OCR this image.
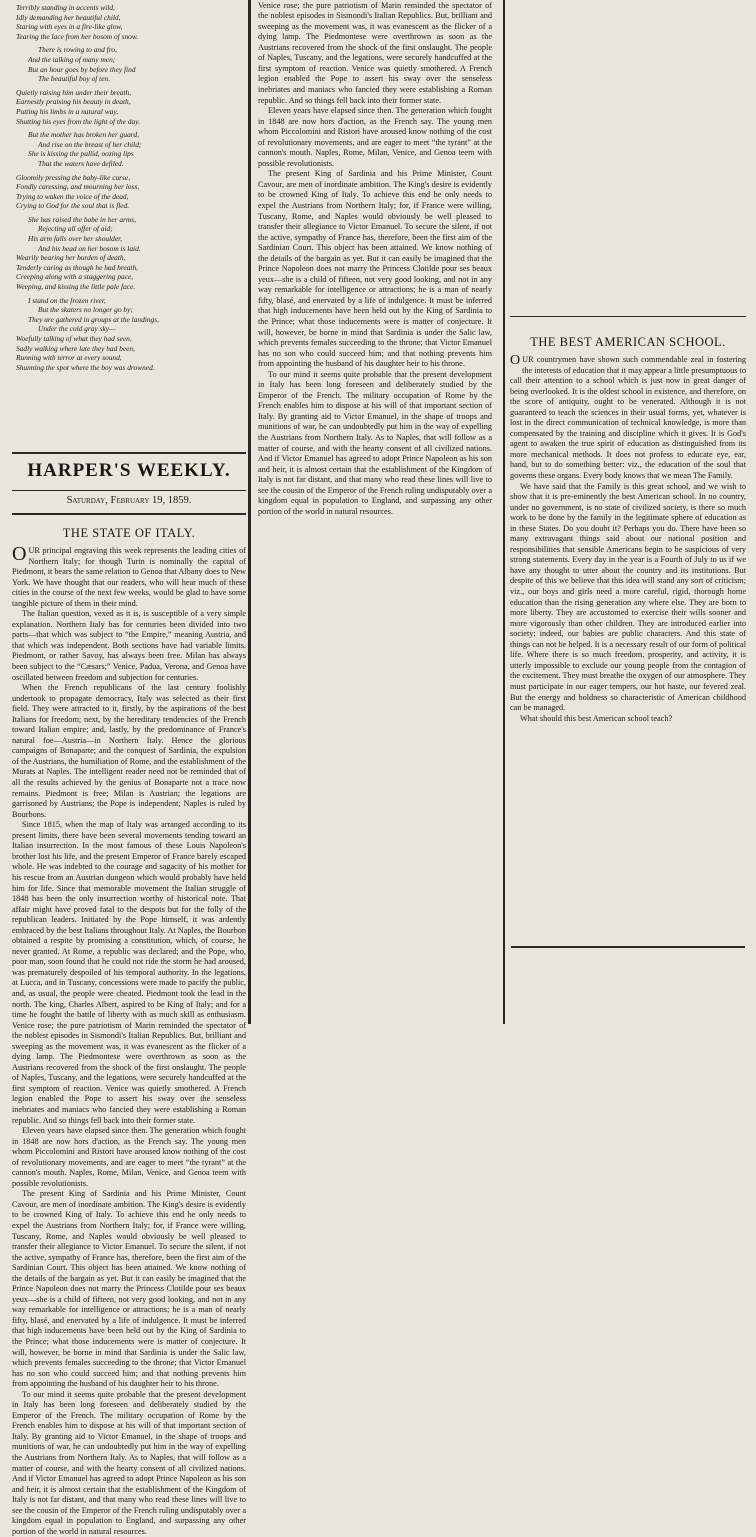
Terribly standing in accents wild,
Idly demanding her beautiful child,
Staring with eyes in a fire-like glow,
Tearing the lace from her bosom of snow.
There is rowing to and fro,
And the talking of many men;
But an hour goes by before they find
The beautiful boy of ten.
Quietly raising him under their breath,
Earnestly praising his beauty in death,
Putting his limbs in a natural way,
Shutting his eyes from the light of the day.
But the mother has broken her guard,
And rise on the breast of her child;
She is kissing the pallid, oozing lips
That the waters have defiled.
Gloomily pressing the baby-like curse,
Fondly caressing, and mourning her loss,
Trying to waken the voice of the dead,
Crying to God for the soul that is fled.
She has raised the babe in her arms,
Rejecting all offer of aid;
His arm falls over her shoulder,
And his head on her bosom is laid.
Wearily bearing her burden of death,
Tenderly caring as though he had breath,
Creeping along with a staggering pace,
Weeping, and kissing the little pale face.
I stand on the frozen river,
But the skaters no longer go by;
They are gathered in groups at the landings,
Under the cold gray sky—
Woefully talking of what they had seen,
Sadly walking where late they had been,
Running with terror at every sound,
Shunning the spot where the boy was drowned.
HARPER'S WEEKLY.
Saturday, February 19, 1859.
THE STATE OF ITALY.

OUR principal engraving this week represents the leading cities of Northern Italy; for though Turin is nominally the capital of Piedmont, it bears the same relation to Genoa that Albany does to New York. We have thought that our readers, who will hear much of these cities in the course of the next few weeks, would be glad to have some tangible picture of them in their mind.

The Italian question, vexed as it is, is susceptible of a very simple explanation. Northern Italy has for centuries been divided into two parts—that which was subject to “the Empire,” meaning Austria, and that which was independent. Both sections have had variable limits. Piedmont, or rather Savoy, has always been free. Milan has always been subject to the “Cæsars;” Venice, Padua, Verona, and Genoa have oscillated between freedom and subjection for centuries.

When the French republicans of the last century foolishly undertook to propagate democracy, Italy was selected as their first field. They were attracted to it, firstly, by the aspirations of the best Italians for freedom; next, by the hereditary tendencies of the French toward Italian empire; and, lastly, by the predominance of France's natural foe—Austria—in Northern Italy. Hence the glorious campaigns of Bonaparte; and the conquest of Sardinia, the expulsion of the Austrians, the humiliation of Rome, and the establishment of the Murats at Naples. The intelligent reader need not be reminded that of all the results achieved by the genius of Bonaparte not a trace now remains. Piedmont is free; Milan is Austrian; the legations are garrisoned by Austrians; the Pope is independent; Naples is ruled by Bourbons.

Since 1815, when the map of Italy was arranged according to its present limits, there have been several movements tending toward an Italian insurrection. In the most famous of these Louis Napoleon's brother lost his life, and the present Emperor of France barely escaped whole. He was indebted to the courage and sagacity of his mother for his rescue from an Austrian dungeon which would probably have held him for life. Since that memorable movement the Italian struggle of 1848 has been the only insurrection worthy of historical note. That affair might have proved fatal to the despots but for the folly of the republican leaders. Initiated by the Pope himself, it was ardently embraced by the best Italians throughout Italy. At Naples, the Bourbon obtained a respite by promising a constitution, which, of course, he never granted. At Rome, a republic was declared; and the Pope, who, poor man, soon found that he could not ride the storm he had aroused, was prematurely despoiled of his temporal authority. In the legations, at Lucca, and in Tuscany, concessions were made to pacify the public, and, as usual, the people were cheated. Piedmont took the lead in the north. The king, Charles Albert, aspired to be King of Italy; and for a time he fought the battle of liberty with as much skill as enthusiasm. Venice rose; the pure patriotism of Marin reminded the spectator of the noblest episodes in Sismondi's Italian Republics. But, brilliant and sweeping as the movement was, it was evanescent as the flicker of a dying lamp. The Piedmontese were overthrown as soon as the Austrians recovered from the shock of the first onslaught. The people of Naples, Tuscany, and the legations, were securely handcuffed at the first symptom of reaction. Venice was quietly smothered. A French legion enabled the Pope to assert his sway over the senseless inebriates and maniacs who fancied they were establishing a Roman republic. And so things fell back into their former state.

Eleven years have elapsed since then. The generation which fought in 1848 are now hors d'action, as the French say. The young men whom Piccolomini and Ristori have aroused know nothing of the cost of revolutionary movements, and are eager to meet “the tyrant” at the cannon's mouth. Naples, Rome, Milan, Venice, and Genoa teem with possible revolutionists.

The present King of Sardinia and his Prime Minister, Count Cavour, are men of inordinate ambition. The King's desire is evidently to be crowned King of Italy. To achieve this end he only needs to expel the Austrians from Northern Italy; for, if France were willing, Tuscany, Rome, and Naples would obviously be well pleased to transfer their allegiance to Victor Emanuel. To secure the silent, if not the active, sympathy of France has, therefore, been the first aim of the Sardinian Court. This object has been attained. We know nothing of the details of the bargain as yet. But it can easily be imagined that the Prince Napoleon does not marry the Princess Clotilde pour ses beaux yeux—she is a child of fifteen, not very good looking, and not in any way remarkable for intelligence or attractions; he is a man of nearly fifty, blasé, and enervated by a life of indulgence. It must be inferred that high inducements have been held out by the King of Sardinia to the Prince; what those inducements were is matter of conjecture. It will, however, be borne in mind that Sardinia is under the Salic law, which prevents females succeeding to the throne; that Victor Emanuel has no son who could succeed him; and that nothing prevents him from appointing the husband of his daughter heir to his throne.

To our mind it seems quite probable that the present development in Italy has been long foreseen and deliberately studied by the Emperor of the French. The military occupation of Rome by the French enables him to dispose at his will of that important section of Italy. By granting aid to Victor Emanuel, in the shape of troops and munitions of war, he can undoubtedly put him in the way of expelling the Austrians from Northern Italy. As to Naples, that will follow as a matter of course, and with the hearty consent of all civilized nations. And if Victor Emanuel has agreed to adopt Prince Napoleon as his son and heir, it is almost certain that the establishment of the Kingdom of Italy is not far distant, and that many who read these lines will live to see the cousin of the Emperor of the French ruling undisputably over a kingdom equal in population to England, and surpassing any other portion of the world in natural resources.

Venice rose; the pure patriotism of Marin reminded the spectator of the noblest episodes in Sismondi's Italian Republics. But, brilliant and sweeping as the movement was, it was evanescent as the flicker of a dying lamp. The Piedmontese were overthrown as soon as the Austrians recovered from the shock of the first onslaught. The people of Naples, Tuscany, and the legations, were securely handcuffed at the first symptom of reaction. Venice was quietly smothered. A French legion enabled the Pope to assert his sway over the senseless inebriates and maniacs who fancied they were establishing a Roman republic. And so things fell back into their former state.

Eleven years have elapsed since then. The generation which fought in 1848 are now hors d'action, as the French say. The young men whom Piccolomini and Ristori have aroused know nothing of the cost of revolutionary movements, and are eager to meet “the tyrant” at the cannon's mouth. Naples, Rome, Milan, Venice, and Genoa teem with possible revolutionists.

The present King of Sardinia and his Prime Minister, Count Cavour, are men of inordinate ambition. The King's desire is evidently to be crowned King of Italy. To achieve this end he only needs to expel the Austrians from Northern Italy; for, if France were willing, Tuscany, Rome, and Naples would obviously be well pleased to transfer their allegiance to Victor Emanuel. To secure the silent, if not the active, sympathy of France has, therefore, been the first aim of the Sardinian Court. This object has been attained. We know nothing of the details of the bargain as yet. But it can easily be imagined that the Prince Napoleon does not marry the Princess Clotilde pour ses beaux yeux—she is a child of fifteen, not very good looking, and not in any way remarkable for intelligence or attractions; he is a man of nearly fifty, blasé, and enervated by a life of indulgence. It must be inferred that high inducements have been held out by the King of Sardinia to the Prince; what those inducements were is matter of conjecture. It will, however, be borne in mind that Sardinia is under the Salic law, which prevents females succeeding to the throne; that Victor Emanuel has no son who could succeed him; and that nothing prevents him from appointing the husband of his daughter heir to his throne.

To our mind it seems quite probable that the present development in Italy has been long foreseen and deliberately studied by the Emperor of the French. The military occupation of Rome by the French enables him to dispose at his will of that important section of Italy. By granting aid to Victor Emanuel, in the shape of troops and munitions of war, he can undoubtedly put him in the way of expelling the Austrians from Northern Italy. As to Naples, that will follow as a matter of course, and with the hearty consent of all civilized nations. And if Victor Emanuel has agreed to adopt Prince Napoleon as his son and heir, it is almost certain that the establishment of the Kingdom of Italy is not far distant, and that many who read these lines will live to see the cousin of the Emperor of the French ruling undisputably over a kingdom equal in population to England, and surpassing any other portion of the world in natural resources.

THE BEST AMERICAN SCHOOL.

OUR countrymen have shown such commendable zeal in fostering the interests of education that it may appear a little presumptuous to call their attention to a school which is just now in great danger of being overlooked. It is the oldest school in existence, and therefore, on the score of antiquity, ought to be venerated. Although it is not guaranteed to teach the sciences in their usual forms, yet, whatever is lost in the direct communication of technical knowledge, is more than compensated by the training and discipline which it gives. It is God's agent to awaken the true spirit of education as distinguished from its more mechanical methods. It does not profess to educate eye, ear, hand, but to do something better: viz., the education of the soul that governs these organs. Every body knows that we mean The Family.

We have said that the Family is this great school, and we wish to show that it is pre-eminently the best American school. In no country, under no government, is no state of civilized society, is there so much work to be done by the family in the legitimate sphere of education as in these States. Do you doubt it? Perhaps you do. There have been so many extravagant things said about our national position and responsibilities that sensible Americans begin to be suspicious of very strong statements. Every day in the year is a Fourth of July to us if we have any thought to utter about the country and its institutions. But despite of this we believe that this idea will stand any sort of criticism; viz., our boys and girls need a more careful, rigid, thorough home education than the rising generation any where else. They are born to more liberty. They are accustomed to exercise their wills sooner and more vigorously than other children. They are introduced earlier into society; indeed, our babies are public characters. And this state of things can not be helped. It is a necessary result of our form of political life. Where there is so much freedom, prosperity, and activity, it is utterly impossible to exclude our young people from the contagion of the excitement. They must breathe the oxygen of our atmosphere. They must participate in our eager tempers, our hot haste, our fevered zeal. But the energy and boldness so characteristic of American childhood can be managed.

What should this best American school teach?
